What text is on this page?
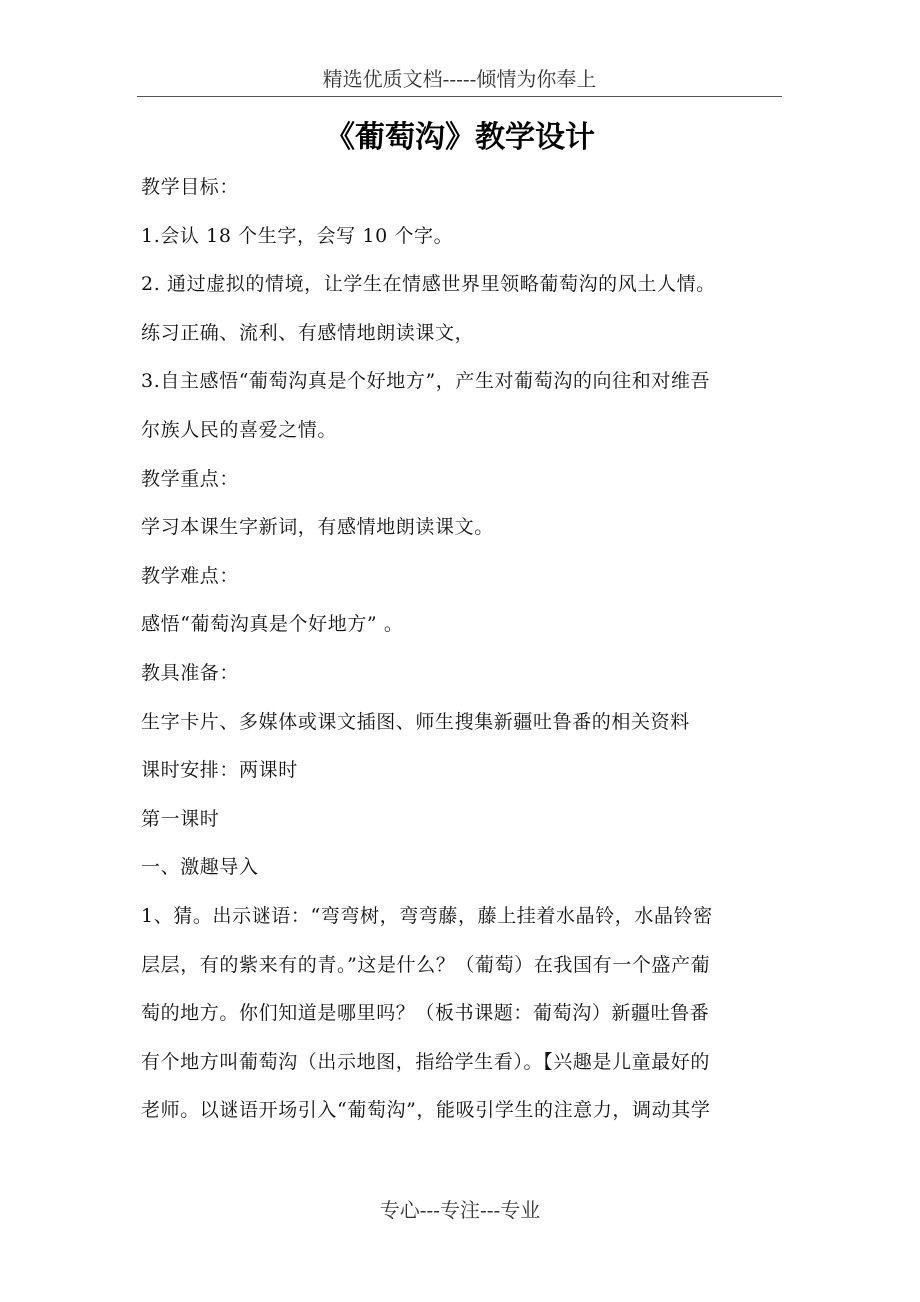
精选优质文档-----倾情为你奉上
《葡萄沟》教学设计
教学目标：
1.会认 18 个生字，会写 10 个字。
2. 通过虚拟的情境，让学生在情感世界里领略葡萄沟的风土人情。
练习正确、流利、有感情地朗读课文，
3.自主感悟“葡萄沟真是个好地方”，产生对葡萄沟的向往和对维吾
尔族人民的喜爱之情。
教学重点：
学习本课生字新词，有感情地朗读课文。
教学难点：
感悟“葡萄沟真是个好地方” 。
教具准备：
生字卡片、多媒体或课文插图、师生搜集新疆吐鲁番的相关资料
课时安排：两课时
第一课时
一、激趣导入
1、猜。出示谜语：“弯弯树，弯弯藤，藤上挂着水晶铃，水晶铃密
层层，有的紫来有的青。”这是什么？（葡萄）在我国有一个盛产葡
萄的地方。你们知道是哪里吗？（板书课题：葡萄沟）新疆吐鲁番
有个地方叫葡萄沟（出示地图，指给学生看）。【兴趣是儿童最好的
老师。以谜语开场引入“葡萄沟”，能吸引学生的注意力，调动其学
专心---专注---专业
